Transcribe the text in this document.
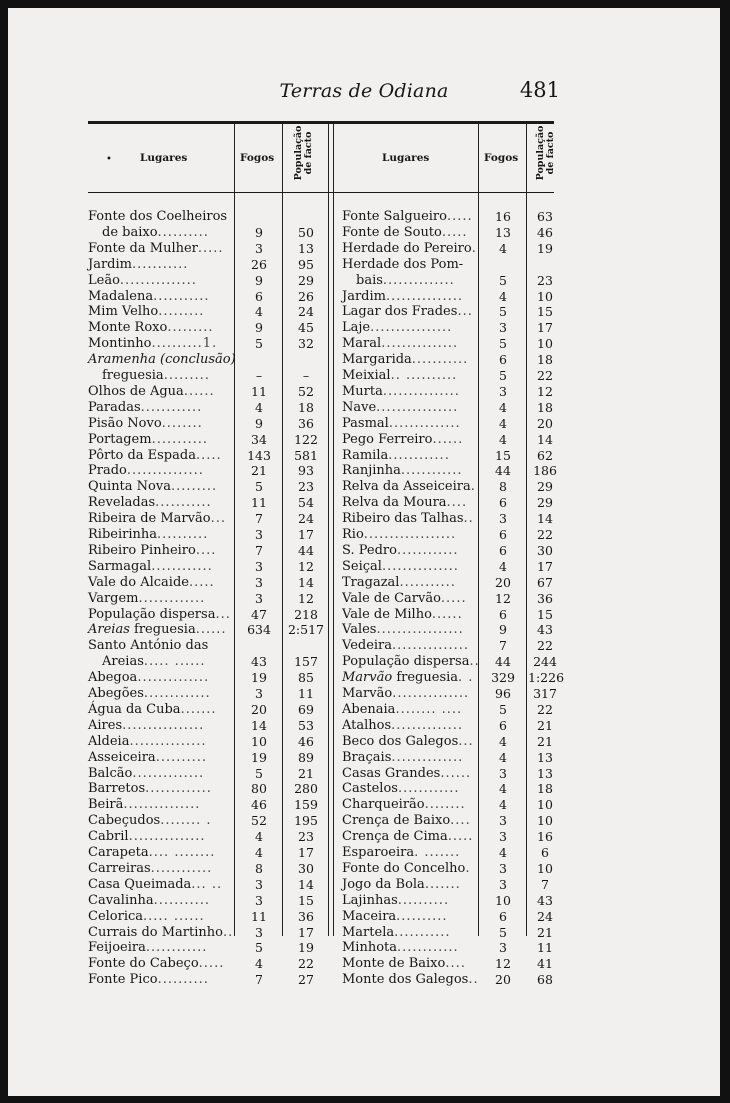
Terras de Odiana	481
•	Lugares	Fogos População de facto	Lugares	Fogos População de facto
Fonte dos Coelheiros
de baixo..........	9	50
Fonte da Mulher.....	3	13
Jardim...........	26	95
Leão...............	9	29
Madalena...........	6	26
Mim Velho.........	4	24
Monte Roxo.........	9	45
Montinho..........1.	5	32
Aramenha (conclusão)
freguesia.........	–	–
Olhos de Agua......	11	52
Paradas............	4	18
Pisão Novo........	9	36
Portagem...........	34	122
Pôrto da Espada.....	143	581
Prado...............	21	93
Quinta Nova.........	5	23
Reveladas...........	11	54
Ribeira de Marvão...	7	24
Ribeirinha..........	3	17
Ribeiro Pinheiro....	7	44
Sarmagal............	3	12
Vale do Alcaide.....	3	14
Vargem.............	3	12
População dispersa...	47	218
Areias freguesia......	634	2:517
Santo António das
Areias..... ......	43	157
Abegoa..............	19	85
Abegões.............	3	11
Água da Cuba.......	20	69
Aires................	14	53
Aldeia...............	10	46
Asseiceira..........	19	89
Balcão..............	5	21
Barretos.............	80	280
Beirã...............	46	159
Cabeçudos........ .	52	195
Cabril...............	4	23
Carapeta.... ........	4	17
Carreiras............	8	30
Casa Queimada... ..	3	14
Cavalinha...........	3	15
Celorica..... ......	11	36
Currais do Martinho..	3	17
Feijoeira............	5	19
Fonte do Cabeço.....	4	22
Fonte Pico..........	7	27
Fonte Salgueiro.....	16	63
Fonte de Souto.....	13	46
Herdade do Pereiro.	4	19
Herdade dos Pom-
bais..............	5	23
Jardim...............	4	10
Lagar dos Frades...	5	15
Laje................	3	17
Maral...............	5	10
Margarida...........	6	18
Meixial.. ..........	5	22
Murta...............	3	12
Nave................	4	18
Pasmal..............	4	20
Pego Ferreiro......	4	14
Ramila............	15	62
Ranjinha............	44	186
Relva da Asseiceira.	8	29
Relva da Moura....	6	29
Ribeiro das Talhas..	3	14
Rio..................	6	22
S. Pedro............	6	30
Seiçal...............	4	17
Tragazal...........	20	67
Vale de Carvão.....	12	36
Vale de Milho......	6	15
Vales.................	9	43
Vedeira...............	7	22
População dispersa..	44	244
Marvão freguesia. .	329	1:226
Marvão...............	96	317
Abenaia........ ....	5	22
Atalhos..............	6	21
Beco dos Galegos...	4	21
Braçais..............	4	13
Casas Grandes......	3	13
Castelos............	4	18
Charqueirão........	4	10
Crença de Baixo....	3	10
Crença de Cima.....	3	16
Esparoeira. .......	4	6
Fonte do Concelho.	3	10
Jogo da Bola.......	3	7
Lajinhas..........	10	43
Maceira..........	6	24
Martela...........	5	21
Minhota............	3	11
Monte de Baixo....	12	41
Monte dos Galegos..	20	68
